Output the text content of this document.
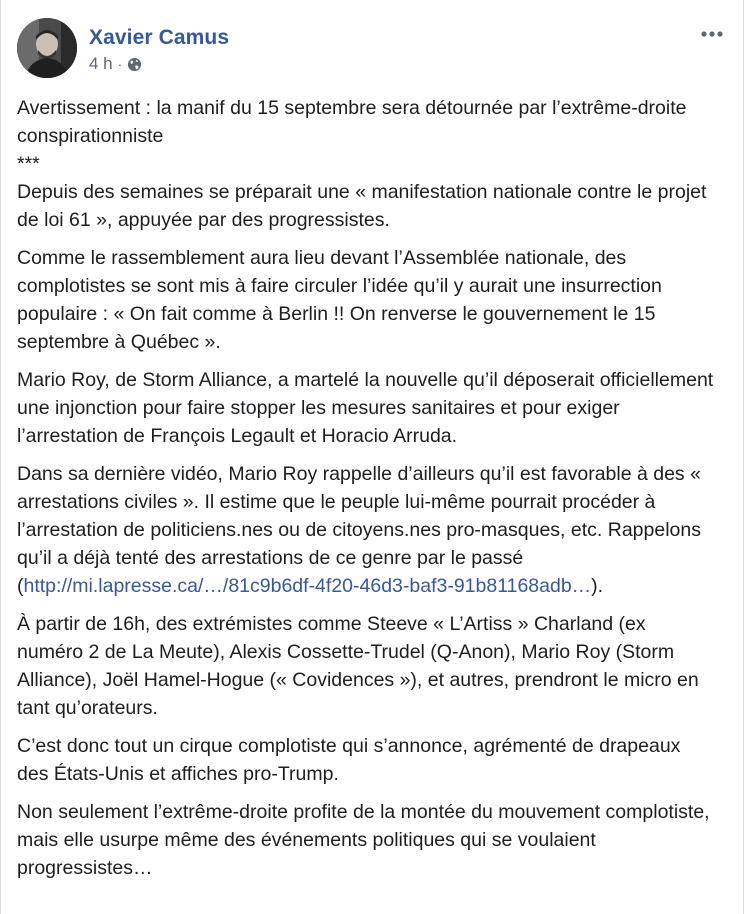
Xavier Camus
4 h ·

Avertissement : la manif du 15 septembre sera détournée par l’extrême-droite conspirationniste

***

Depuis des semaines se préparait une « manifestation nationale contre le projet de loi 61 », appuyée par des progressistes.

Comme le rassemblement aura lieu devant l’Assemblée nationale, des complotistes se sont mis à faire circuler l’idée qu’il y aurait une insurrection populaire : « On fait comme à Berlin !! On renverse le gouvernement le 15 septembre à Québec ».

Mario Roy, de Storm Alliance, a martelé la nouvelle qu’il déposerait officiellement une injonction pour faire stopper les mesures sanitaires et pour exiger l’arrestation de François Legault et Horacio Arruda.

Dans sa dernière vidéo, Mario Roy rappelle d’ailleurs qu’il est favorable à des « arrestations civiles ». Il estime que le peuple lui-même pourrait procéder à l’arrestation de politiciens.nes ou de citoyens.nes pro-masques, etc. Rappelons qu’il a déjà tenté des arrestations de ce genre par le passé (http://mi.lapresse.ca/…/81c9b6df-4f20-46d3-baf3-91b81168adb…).

À partir de 16h, des extrémistes comme Steeve « L’Artiss » Charland (ex numéro 2 de La Meute), Alexis Cossette-Trudel (Q-Anon), Mario Roy (Storm Alliance), Joël Hamel-Hogue (« Covidences »), et autres, prendront le micro en tant qu’orateurs.

C’est donc tout un cirque complotiste qui s’annonce, agrémenté de drapeaux des États-Unis et affiches pro-Trump.

Non seulement l’extrême-droite profite de la montée du mouvement complotiste, mais elle usurpe même des événements politiques qui se voulaient progressistes…
